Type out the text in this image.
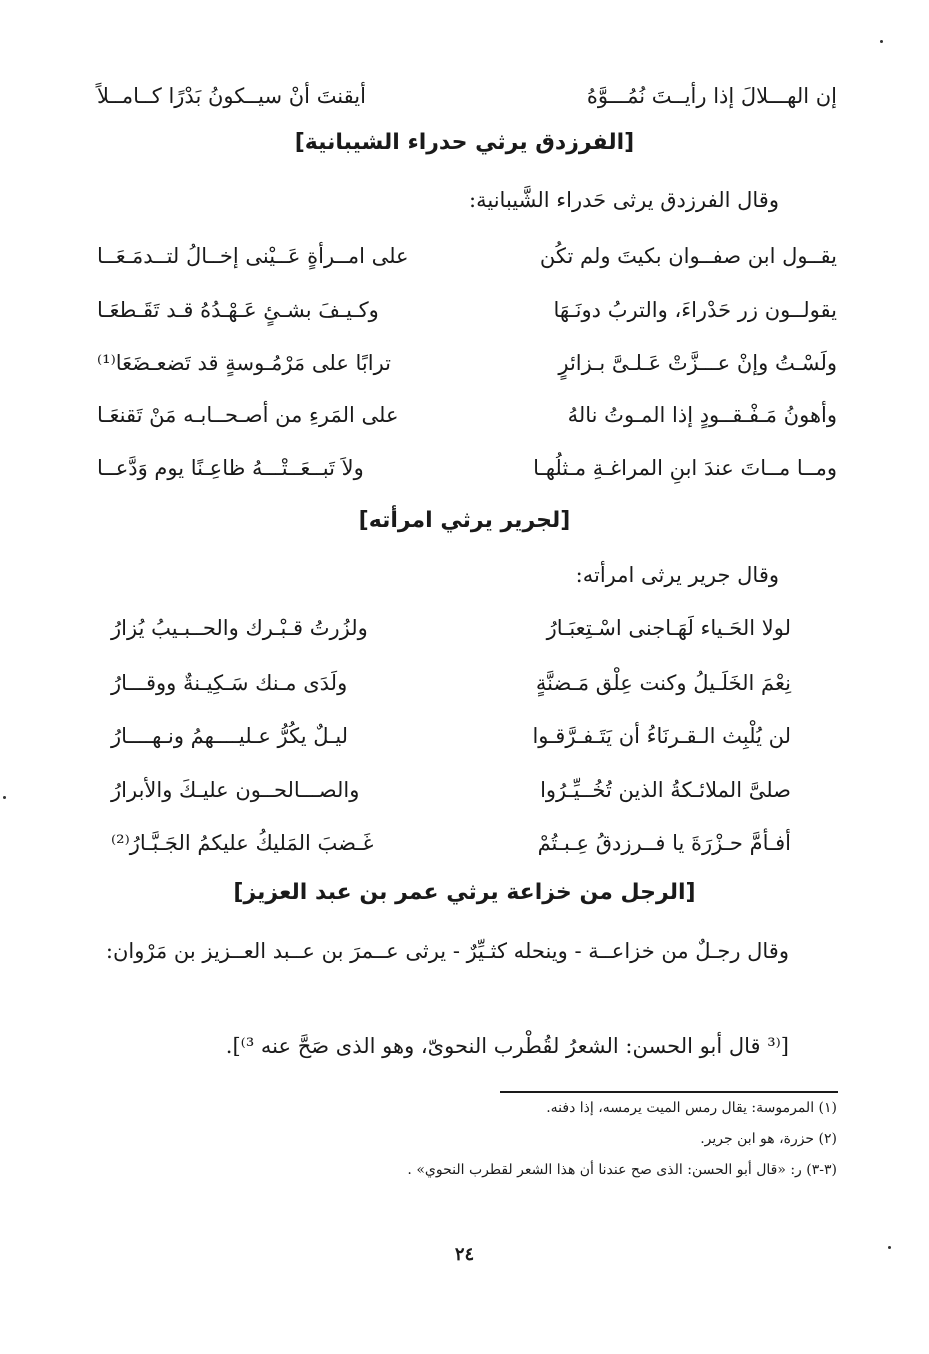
إن الهـــلالَ إذا رأيــتَ نُمُـــوَّهُ
أيقنتَ أنْ سيــكونُ بَدْرًا كــامــلاً
[الفرزدق يرثي حدراء الشيبانية]
وقال الفرزدق يرثى حَدراء الشَّيبانية:
يقــول ابن صفــوان بكيتَ ولم تكُن
على امــرأةٍ عَــيْنى إخــالُ لتــدمَـعَــا
يقولــون زر حَدْراءَ، والتربُ دونَـهَا
وكـيـفَ بشـئٍ عَـهْـدُهُ قـد تَقَـطعَـا
ولَسْـتُ وإنْ عـــزَّتْ عَـلـىَّ بـزائرٍ
ترابًا على مَرْمُـوسةٍ قد تَضعـضَعَا⁽¹⁾
وأهونُ مَـفْـقــودٍ إذا المـوتُ نالهُ
على المَرءِ من أصـحــابـه مَنْ تَقنعَـا
ومــا مــاتَ عندَ ابنِ المراغـةِ مـثلُهـا
ولاَ تَبــعَــتْـــهُ ظاعِـنًا يوم وَدَّعــا
[لجرير يرثي امرأته]
وقال جرير يرثى امرأته:
لولا الحَـياء لَهَـاجنى اسْـتِعبَـارُ
ولزُرتُ قـبْـرك والحــبـيبُ يُزارُ
نِعْمَ الخَلَـيلُ وكنت عِلْق مَـضنَّةٍ
ولَدَى مـنك سَـكِيـنةٌ ووقـــارُ
لن يُلْبِث الـقـرنَاءُ أن يَتَـفـرَّقـوا
ليـلٌ يكُرُّ عـليــــهمُ ونـهــــارُ
صلىَّ الملائـكةُ الذين تُخُــيِّـرُوا
والصـــالحــون عليـكَ والأبرارُ
أفـأمَّ حـزْرَةَ يا فــرزدقُ عِـبـتُمْ
غَـضبَ المَليكُ عليكمُ الجَـبَّـارُ⁽²⁾
[الرجل من خزاعة يرثي عمر بن عبد العزيز]
وقال رجـلٌ من خزاعــة - وينحله كثـيِّرٌ - يرثى عــمرَ بن عــبد العــزيز بن مَرْوان:
[⁽³ قال أبو الحسن: الشعرُ لقُطْرب النحوىّ، وهو الذى صَحَّ عنه ³⁾].
(١) المرموسة: يقال رمس الميت يرمسه، إذا دفنه.
(٢) حزرة، هو ابن جرير.
(٣-٣) ر: «قال أبو الحسن: الذى صح عندنا أن هذا الشعر لقطرب النحوي» .
٢٤
